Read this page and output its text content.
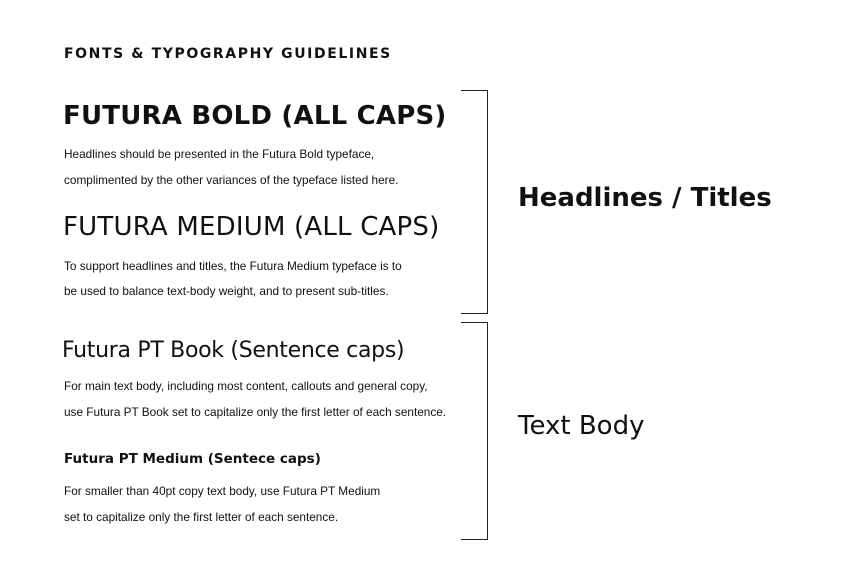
FONTS & TYPOGRAPHY GUIDELINES
FUTURA BOLD (ALL CAPS)
Headlines should be presented in the Futura Bold typeface,
complimented by the other variances of the typeface listed here.
FUTURA MEDIUM (ALL CAPS)
To support headlines and titles, the Futura Medium typeface is to
be used to balance text-body weight, and to present sub-titles.
Futura PT Book (Sentence caps)
For main text body, including most content, callouts and general copy,
use Futura PT Book set to capitalize only the first letter of each sentence.
Futura PT Medium (Sentece caps)
For smaller than 40pt copy text body, use Futura PT Medium
set to capitalize only the first letter of each sentence.
Headlines / Titles
Text Body
